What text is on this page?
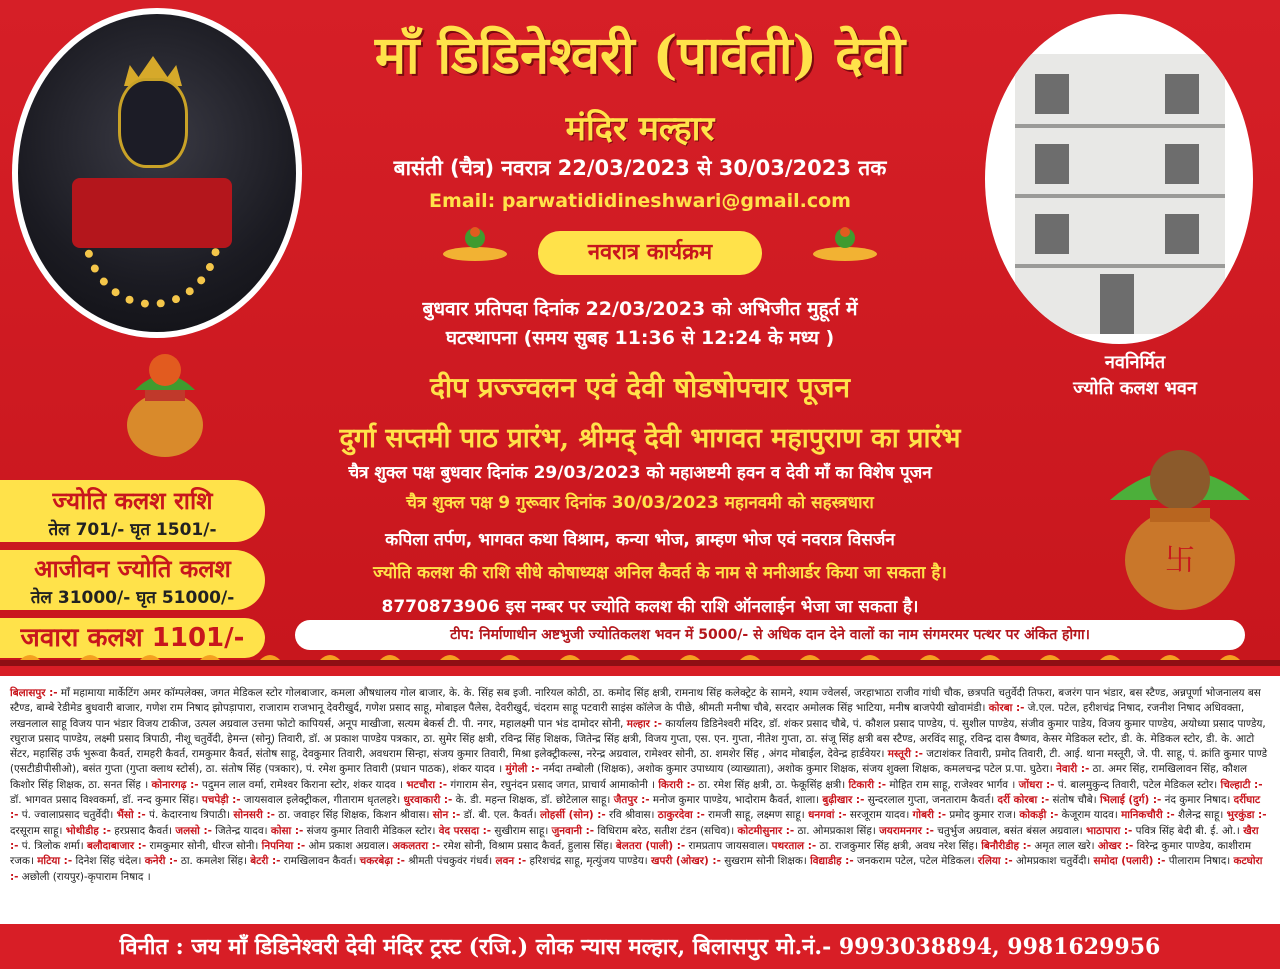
नवनिर्मित
ज्योति कलश भवन
माँ डिडिनेश्वरी (पार्वती) देवी
मंदिर मल्हार
बासंती (चैत्र) नवरात्र 22/03/2023 से 30/03/2023 तक
Email: parwatididineshwari@gmail.com
नवरात्र कार्यक्रम
बुधवार प्रतिपदा दिनांक 22/03/2023 को अभिजीत मुहूर्त में
घटस्थापना (समय सुबह 11:36 से 12:24 के मध्य )
दीप प्रज्ज्वलन एवं देवी षोडषोपचार पूजन
दुर्गा सप्तमी पाठ प्रारंभ, श्रीमद् देवी भागवत महापुराण का प्रारंभ
चैत्र शुक्ल पक्ष बुधवार दिनांक 29/03/2023 को महाअष्टमी हवन व देवी माँ का विशेष पूजन
चैत्र शुक्ल पक्ष 9 गुरूवार दिनांक 30/03/2023 महानवमी को सहस्त्रधारा
कपिला तर्पण, भागवत कथा विश्राम, कन्या भोज, ब्राम्हण भोज एवं नवरात्र विसर्जन
ज्योति कलश की राशि सीधे कोषाध्यक्ष अनिल कैवर्त के नाम से मनीआर्डर किया जा सकता है।
8770873906 इस नम्बर पर ज्योति कलश की राशि ऑनलाईन भेजा जा सकता है।
ज्योति कलश राशि
तेल 701/- घृत 1501/-
आजीवन ज्योति कलश
तेल 31000/- घृत 51000/-
जवारा कलश 1101/-	टीप: निर्माणाधीन अष्टभुजी ज्योतिकलश भवन में 5000/- से अधिक दान देने वालों का नाम संगमरमर पत्थर पर अंकित होगा।
卐
बिलासपुर :- माँ महामाया मार्केटिंग अमर कॉम्पलेक्स, जगत मेडिकल स्टोर गोलबाजार, कमला औषधालय गोल बाजार, के. के. सिंह सब इजी. नारियल कोठी, ठा. कमोद सिंह क्षत्री, रामनाथ सिंह कलेक्ट्रेट के सामने, श्याम ज्वेलर्स, जरहाभाठा राजीव गांधी चौक, छत्रपति चतुर्वेदी तिफरा, बजरंग पान भंडार, बस स्टैण्ड, अन्नपूर्णा भोजनालय बस स्टैण्ड, बाम्बे रेडीमेड बुधवारी बाजार, गणेश राम निषाद झोपड़ापारा, राजाराम राजभानू देवरीखुर्द, गणेश प्रसाद साहू, मोबाइल पैलेस, देवरीखुर्द, चंदराम साहू पटवारी साइंस कॉलेज के पीछे, श्रीमती मनीषा चौबे, सरदार अमोलक सिंह भाटिया, मनीष बाजपेयी खोवामंडी। कोरबा :- जे.एल. पटेल, हरीशचंद्र निषाद, रजनीश निषाद अधिवक्ता, लखनलाल साहू विजय पान भंडार विजय टाकीज, उत्पल अग्रवाल उत्तमा फोटो कापियर्स, अनूप माखीजा, सत्यम बेकर्स टी. पी. नगर, महालक्ष्मी पान भंड दामोदर सोनी, मल्हार :- कार्यालय डिडिनेश्वरी मंदिर, डॉ. शंकर प्रसाद चौबे, पं. कौशल प्रसाद पाण्डेय, पं. सुशील पाण्डेय, संजीव कुमार पाडेय, विजय कुमार पाण्डेय, अयोध्या प्रसाद पाण्डेय, रघुराज प्रसाद पाण्डेय, लक्ष्मी प्रसाद त्रिपाठी, नीशू चतुर्वेदी, हेमन्त (सोनू) तिवारी, डॉ. अ प्रकाश पाण्डेय पत्रकार, ठा. सुमेर सिंह क्षत्री, रविन्द्र सिंह शिक्षक, जितेन्द्र सिंह क्षत्री, विजय गुप्ता, एस. एन. गुप्ता, नीतेश गुप्ता, ठा. संजू सिंह क्षत्री बस स्टैण्ड, अरविंद साहू, रविन्द्र दास वैष्णव, केसर मेडिकल स्टोर, डी. के. मेडिकल स्टोर, डी. के. आटो सेंटर, महासिंह उर्फ भुरूवा कैवर्त, रामहरी कैवर्त, रामकुमार कैवर्त, संतोष साहू, देवकुमार तिवारी, अवधराम सिन्हा, संजय कुमार तिवारी, मिश्रा इलेक्ट्रीकल्स, नरेन्द्र अग्रवाल, रामेश्वर सोनी, ठा. शमशेर सिंह , अंगद मोबाईल, देवेन्द्र हार्डवेयर। मस्तूरी :- जटाशंकर तिवारी, प्रमोद तिवारी, टी. आई. थाना मस्तूरी, जे. पी. साहू, पं. क्रांति कुमार पाण्डे (एसटीडीपीसीओ), बसंत गुप्ता (गुप्ता क्लाथ स्टोर्स), ठा. संतोष सिंह (पत्रकार), पं. रमेश कुमार तिवारी (प्रधान पाठक), शंकर यादव । मुंगेली :- नर्मदा तम्बोली (शिक्षक), अशोक कुमार उपाध्याय (व्याख्याता), अशोक कुमार शिक्षक, संजय शुक्ला शिक्षक, कमलचन्द्र पटेल प्र.पा. घुठेरा। नेवारी :- ठा. अमर सिंह, रामखिलावन सिंह, कौशल किशोर सिंह शिक्षक, ठा. सनत सिंह । कोनारगढ़ :- पदुमन लाल वर्मा, रामेश्वर किराना स्टोर, शंकर यादव । भटचौरा :- गंगाराम सेन, रघुनंदन प्रसाद जगत, प्राचार्य आमाकोनी । किरारी :- ठा. रमेश सिंह क्षत्री, ठा. फेकूसिंह क्षत्री। टिकारी :- मोहित राम साहू, राजेश्वर भार्गव । जोंधरा :- पं. बालमुकुन्द तिवारी, पटेल मेडिकल स्टोर। चिल्हाटी :- डॉ. भागवत प्रसाद विश्वकर्मा, डॉ. नन्द कुमार सिंह। पचपेड़ी :- जायसवाल इलेक्ट्रीकल, गीताराम धृतलहरे। धुरवाकारी :- के. डी. महन्त शिक्षक, डॉ. छोटेलाल साहू। जैतपुर :- मनोज कुमार पाण्डेय, भादोराम कैवर्त, शाला। बुढ़ीखार :- सुन्दरलाल गुप्ता, जनताराम कैवर्त। दर्री कोरबा :- संतोष चौबे। भिलाई (दुर्ग) :- नंद कुमार निषाद। दर्रीघाट :- पं. ज्वालाप्रसाद चतुर्वेदी। भैंसो :- पं. केदारनाथ त्रिपाठी। सोनसरी :- ठा. जवाहर सिंह शिक्षक, किशन श्रीवास। सोन :- डॉ. बी. एल. कैवर्त। लोहर्सी (सोन) :- रवि श्रीवास। ठाकुरदेवा :- रामजी साहू, लक्ष्मण साहू। धनगवां :- सरजूराम यादव। गोबरी :- प्रमोद कुमार राज। कोकड़ी :- केजूराम यादव। मानिकचौरी :- शैलेन्द्र साहू। भुरकुंडा :- दरसूराम साहू। भोथीडीह :- हरप्रसाद कैवर्त। जलसो :- जितेन्द्र यादव। कोसा :- संजय कुमार तिवारी मेडिकल स्टोर। वेद परसदा :- सुखीराम साहू। जुनवानी :- विधिराम बरेठ, सतीश टंडन (सचिव)। कोटमीसुनार :- ठा. ओमप्रकाश सिंह। जयरामनगर :- चतुर्भुज अग्रवाल, बसंत बंसल अग्रवाल। भाठापारा :- पवित्र सिंह बेदी बी. ई. ओ.। खैरा :- पं. त्रिलोक शर्मा। बलौदाबाजार :- रामकुमार सोनी, धीरज सोनी। निपनिया :- ओम प्रकाश अग्रवाल। अकलतरा :- रमेश सोनी, विश्राम प्रसाद कैवर्त, हुलास सिंह। बेलतरा (पाली) :- रामप्रताप जायसवाल। पथरताल :- ठा. राजकुमार सिंह क्षत्री, अवध नरेश सिंह। बिनौरीडीह :- अमृत लाल खरे। ओखर :- विरेन्द्र कुमार पाण्डेय, काशीराम रजक। मटिया :- दिनेश सिंह चंदेल। कनेरी :- ठा. कमलेश सिंह। बेटरी :- रामखिलावन कैवर्त। चकरबेढ़ा :- श्रीमती पंचकुवंर गंधर्व। लवन :- हरिशचंद्र साहू, मृत्युंजय पाण्डेय। खपरी (ओखर) :- सुखराम सोनी शिक्षक। विद्याडीह :- जनकराम पटेल, पटेल मेडिकल। रलिया :- ओमप्रकाश चतुर्वेदी। समोदा (पलारी) :- पीलाराम निषाद। कटघोरा :- अछोली (रायपुर)-कृपाराम निषाद ।
विनीत : जय माँ डिडिनेश्वरी देवी मंदिर ट्रस्ट (रजि.) लोक न्यास मल्हार, बिलासपुर मो.नं.- 9993038894, 9981629956
